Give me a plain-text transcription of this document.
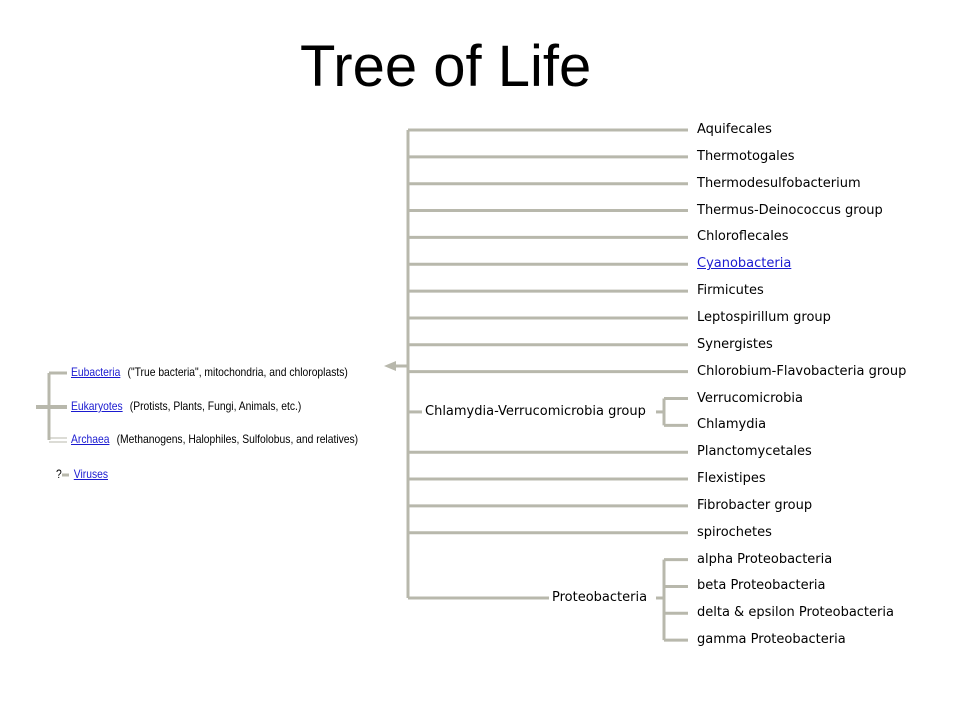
Tree of Life
Eubacteria ("True bacteria", mitochondria, and chloroplasts)
Eukaryotes (Protists, Plants, Fungi, Animals, etc.)
Archaea (Methanogens, Halophiles, Sulfolobus, and relatives)
? Viruses
Aquifecales
Thermotogales
Thermodesulfobacterium
Thermus-Deinococcus group
Chloroflecales
Cyanobacteria
Firmicutes
Leptospirillum group
Synergistes
Chlorobium-Flavobacteria group
Verrucomicrobia
Chlamydia
Planctomycetales
Flexistipes
Fibrobacter group
spirochetes
alpha Proteobacteria
beta Proteobacteria
delta & epsilon Proteobacteria
gamma Proteobacteria
Chlamydia-Verrucomicrobia group
Proteobacteria
